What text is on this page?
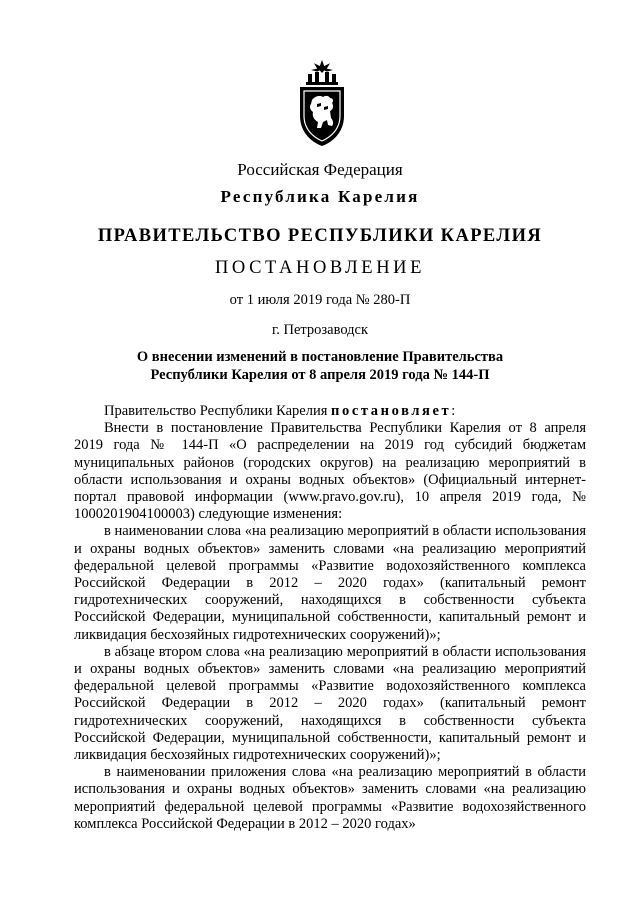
Российская Федерация
Республика Карелия
ПРАВИТЕЛЬСТВО РЕСПУБЛИКИ КАРЕЛИЯ
ПОСТАНОВЛЕНИЕ
от 1 июля 2019 года № 280-П
г. Петрозаводск
О внесении изменений в постановление Правительства
Республики Карелия от 8 апреля 2019 года № 144-П

Правительство Республики Карелия постановляет:

Внести в постановление Правительства Республики Карелия от 8 апреля 2019 года № 144-П «О распределении на 2019 год субсидий бюджетам муниципальных районов (городских округов) на реализацию мероприятий в области использования и охраны водных объектов» (Официальный интернет-портал правовой информации (www.pravo.gov.ru), 10 апреля 2019 года, № 1000201904100003) следующие изменения:

в наименовании слова «на реализацию мероприятий в области использования и охраны водных объектов» заменить словами «на реализацию мероприятий федеральной целевой программы «Развитие водохозяйственного комплекса Российской Федерации в 2012 – 2020 годах» (капитальный ремонт гидротехнических сооружений, находящихся в собственности субъекта Российской Федерации, муниципальной собственности, капитальный ремонт и ликвидация бесхозяйных гидротехнических сооружений)»;

в абзаце втором слова «на реализацию мероприятий в области использования и охраны водных объектов» заменить словами «на реализацию мероприятий федеральной целевой программы «Развитие водохозяйственного комплекса Российской Федерации в 2012 – 2020 годах» (капитальный ремонт гидротехнических сооружений, находящихся в собственности субъекта Российской Федерации, муниципальной собственности, капитальный ремонт и ликвидация бесхозяйных гидротехнических сооружений)»;

в наименовании приложения слова «на реализацию мероприятий в области использования и охраны водных объектов» заменить словами «на реализацию мероприятий федеральной целевой программы «Развитие водохозяйственного комплекса Российской Федерации в 2012 – 2020 годах»
